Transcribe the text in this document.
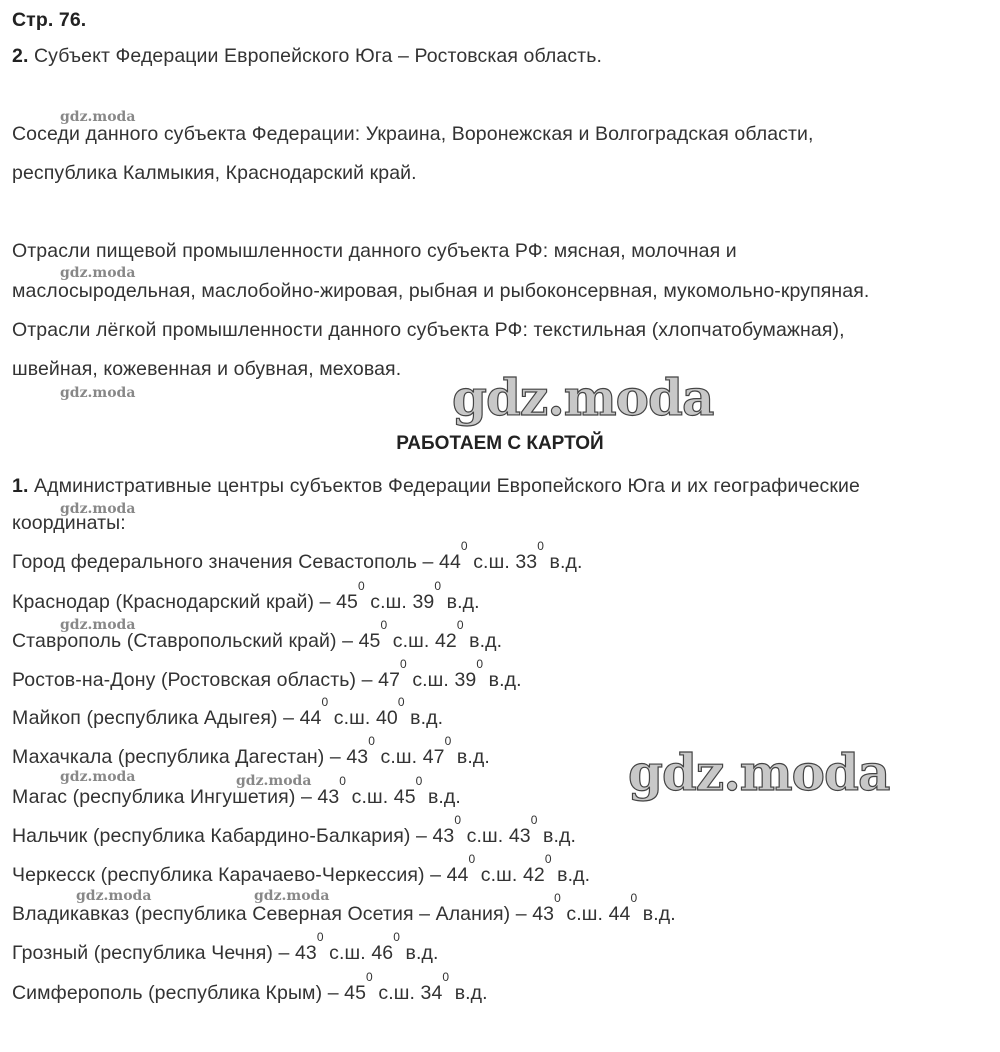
Стр. 76.
2. Субъект Федерации Европейского Юга – Ростовская область.
Соседи данного субъекта Федерации: Украина, Воронежская и Волгоградская области,
республика Калмыкия, Краснодарский край.
Отрасли пищевой промышленности данного субъекта РФ: мясная, молочная и
маслосыродельная, маслобойно-жировая, рыбная и рыбоконсервная, мукомольно-крупяная.
Отрасли лёгкой промышленности данного субъекта РФ: текстильная (хлопчатобумажная),
швейная, кожевенная и обувная, меховая.
РАБОТАЕМ С КАРТОЙ
1. Административные центры субъектов Федерации Европейского Юга и их географические
координаты:
Город федерального значения Севастополь – $44^0$ с.ш. $33^0$ в.д.
Краснодар (Краснодарский край) – $45^0$ с.ш. $39^0$ в.д.
Ставрополь (Ставропольский край) – $45^0$ с.ш. $42^0$ в.д.
Ростов-на-Дону (Ростовская область) – $47^0$ с.ш. $39^0$ в.д.
Майкоп (республика Адыгея) – $44^0$ с.ш. $40^0$ в.д.
Махачкала (республика Дагестан) – $43^0$ с.ш. $47^0$ в.д.
Магас (республика Ингушетия) – $43^0$ с.ш. $45^0$ в.д.
Нальчик (республика Кабардино-Балкария) – $43^0$ с.ш. $43^0$ в.д.
Черкесск (республика Карачаево-Черкессия) – $44^0$ с.ш. $42^0$ в.д.
Владикавказ (республика Северная Осетия – Алания) – $43^0$ с.ш. $44^0$ в.д.
Грозный (республика Чечня) – $43^0$ с.ш. $46^0$ в.д.
Симферополь (республика Крым) – $45^0$ с.ш. $34^0$ в.д.
gdz.moda
gdz.moda
gdz.moda
gdz.moda
gdz.moda
gdz.moda	gdz.moda
gdz.moda	gdz.moda
gdz.moda
gdz.moda
